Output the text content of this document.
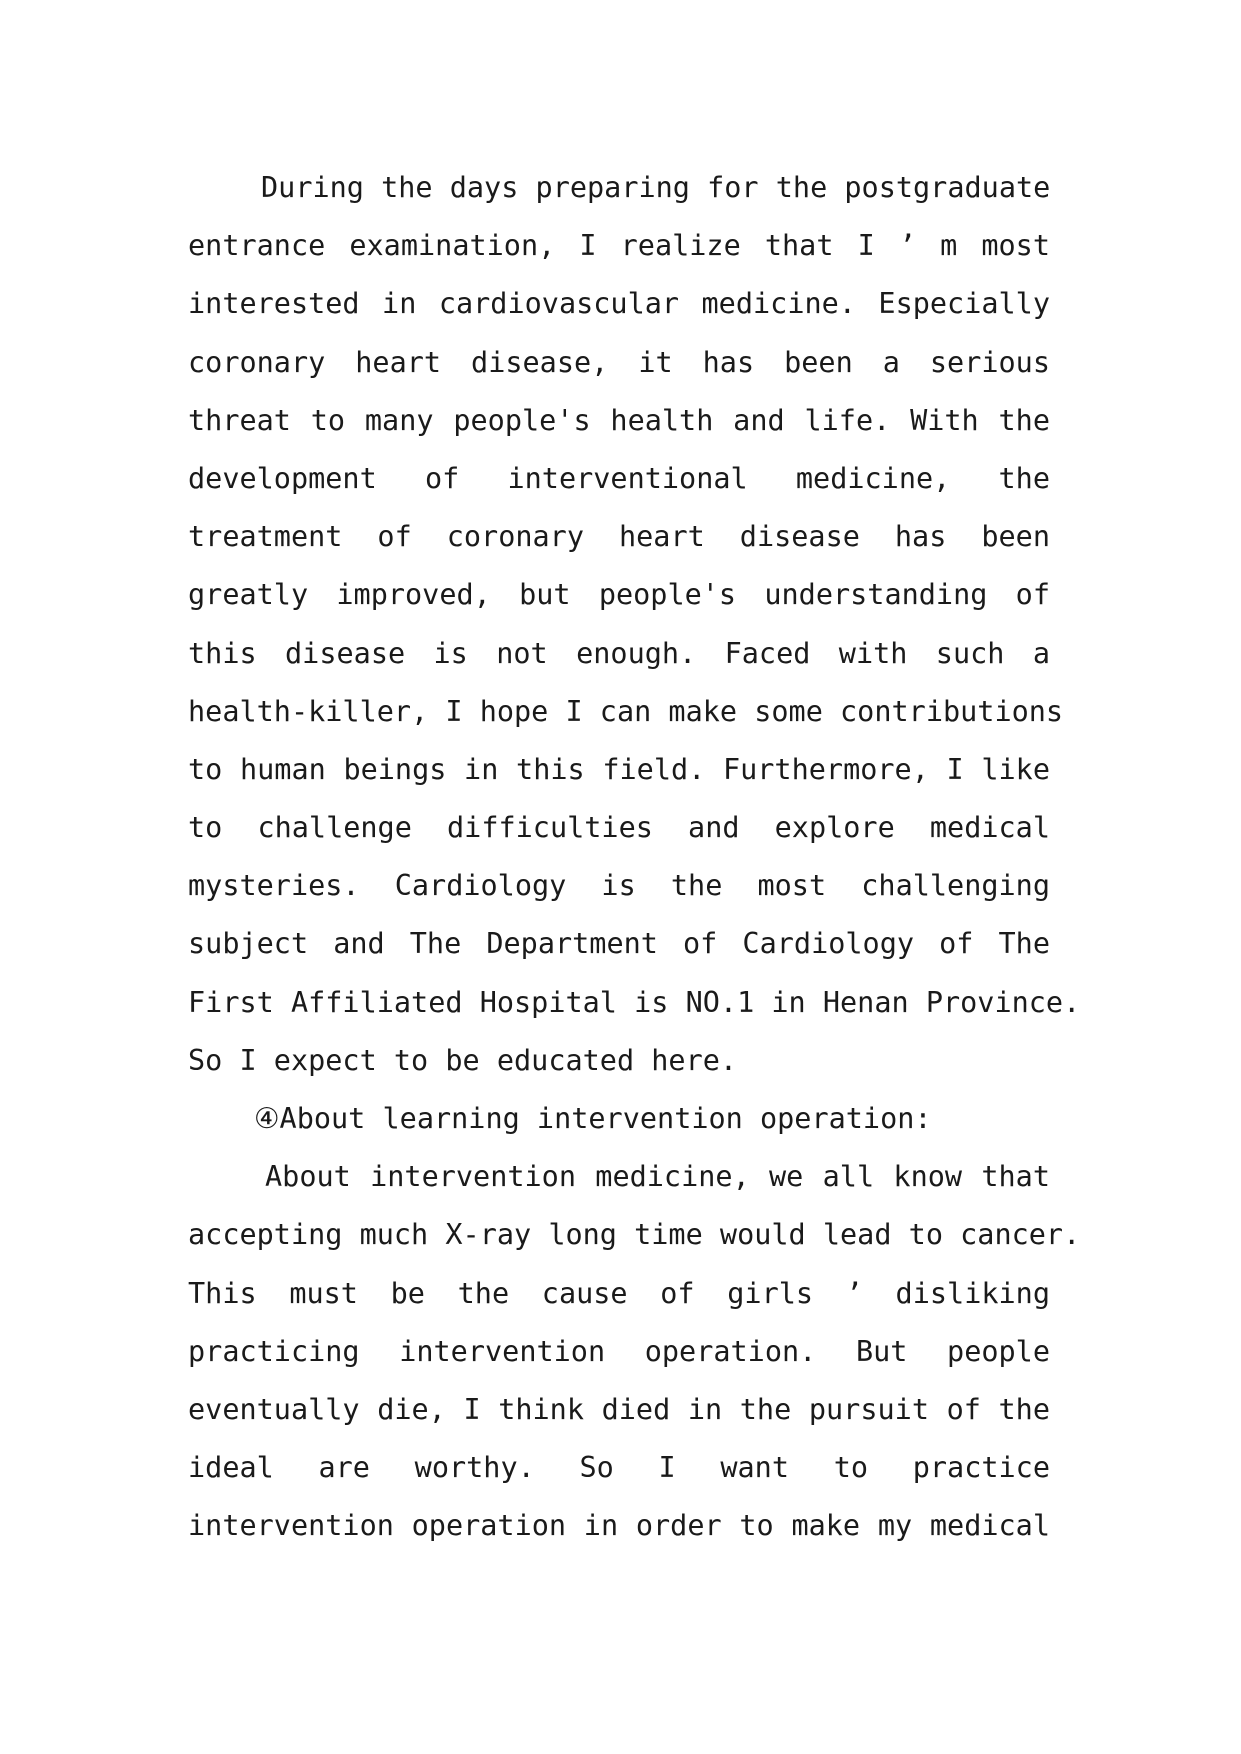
During the days preparing for the postgraduate
entrance examination, I realize that I ’ m most
interested in cardiovascular medicine. Especially
coronary heart disease, it has been a serious
threat to many people's health and life. With the
development of interventional medicine, the
treatment of coronary heart disease has been
greatly improved, but people's understanding of
this disease is not enough. Faced with such a
health-killer, I hope I can make some contributions
to human beings in this field. Furthermore, I like
to challenge difficulties and explore medical
mysteries. Cardiology is the most challenging
subject and The Department of Cardiology of The
First Affiliated Hospital is NO.1 in Henan Province.
So I expect to be educated here.
④About learning intervention operation:
About intervention medicine, we all know that
accepting much X-ray long time would lead to cancer.
This must be the cause of girls ’ disliking
practicing intervention operation. But people
eventually die, I think died in the pursuit of the
ideal are worthy. So I want to practice
intervention operation in order to make my medical
